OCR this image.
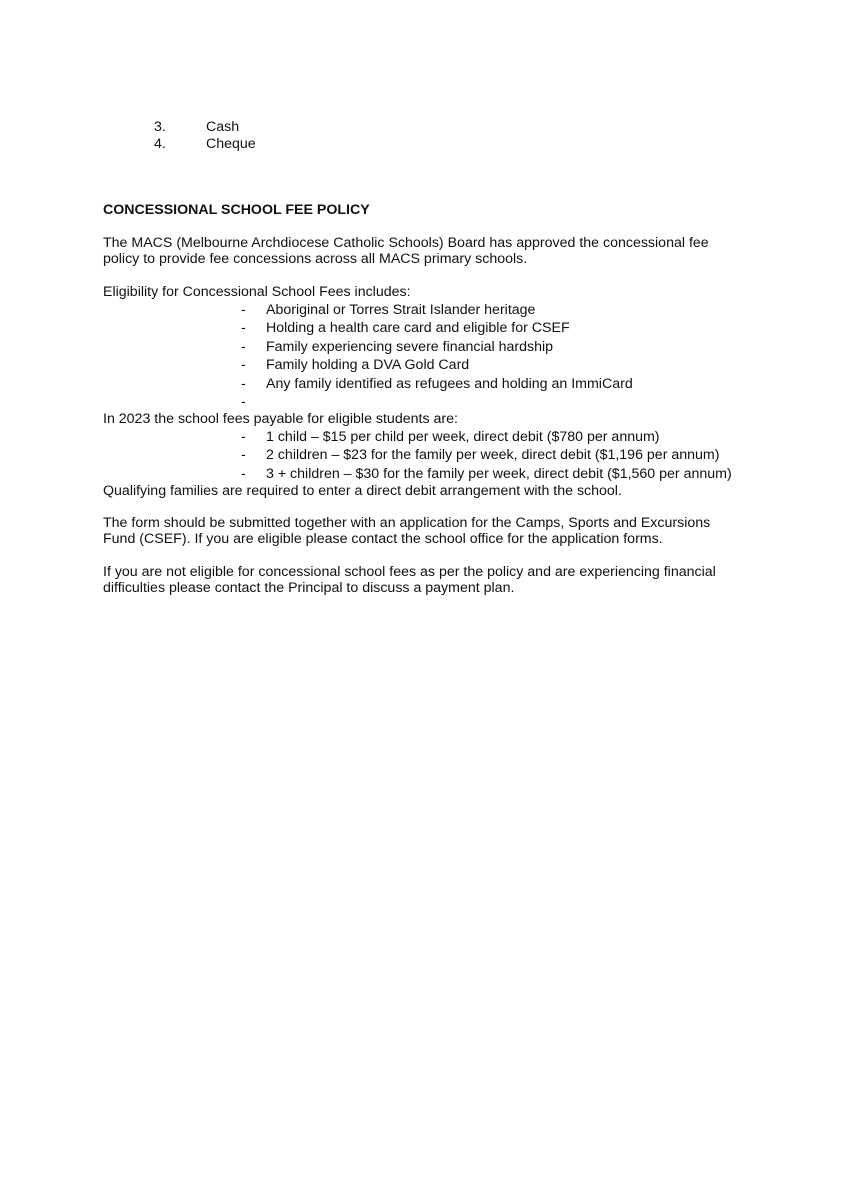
3.	Cash
4.	Cheque
CONCESSIONAL SCHOOL FEE POLICY
The MACS (Melbourne Archdiocese Catholic Schools) Board has approved the concessional fee
policy to provide fee concessions across all MACS primary schools.
Eligibility for Concessional School Fees includes:
- Aboriginal or Torres Strait Islander heritage
- Holding a health care card and eligible for CSEF
- Family experiencing severe financial hardship
- Family holding a DVA Gold Card
- Any family identified as refugees and holding an ImmiCard
-
In 2023 the school fees payable for eligible students are:
- 1 child – $15 per child per week, direct debit ($780 per annum)
- 2 children – $23 for the family per week, direct debit ($1,196 per annum)
- 3 + children – $30 for the family per week, direct debit ($1,560 per annum)
Qualifying families are required to enter a direct debit arrangement with the school.
The form should be submitted together with an application for the Camps, Sports and Excursions
Fund (CSEF). If you are eligible please contact the school office for the application forms.
If you are not eligible for concessional school fees as per the policy and are experiencing financial
difficulties please contact the Principal to discuss a payment plan.
